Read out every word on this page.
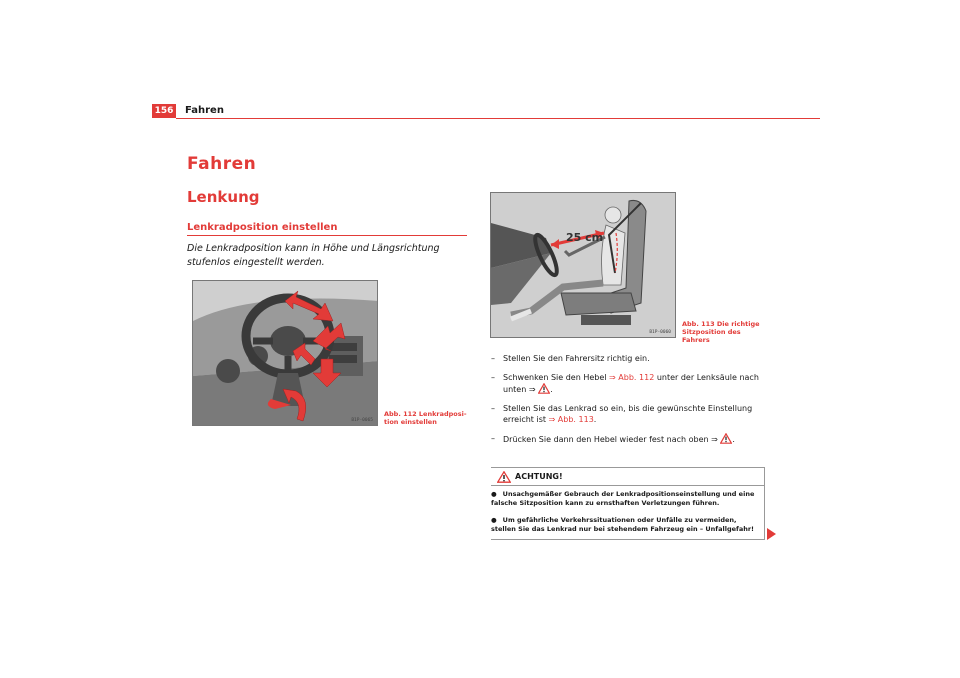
156 Fahren
Fahren
Lenkung
Lenkradposition einstellen
Die Lenkradposition kann in Höhe und Längsrichtung stufenlos eingestellt werden.
B1P-0065
Abb. 112 Lenkradposi-tion einstellen
25 cm
B1P-0060
Abb. 113 Die richtige Sitzposition des Fahrers
– Stellen Sie den Fahrersitz richtig ein.
– Schwenken Sie den Hebel ⇒ Abb. 112 unter der Lenksäule nach unten ⇒ .
– Stellen Sie das Lenkrad so ein, bis die gewünschte Einstellung erreicht ist ⇒ Abb. 113.
– Drücken Sie dann den Hebel wieder fest nach oben ⇒ .
ACHTUNG!
● Unsachgemäßer Gebrauch der Lenkradpositionseinstellung und eine falsche Sitzposition kann zu ernsthaften Verletzungen führen.
● Um gefährliche Verkehrssituationen oder Unfälle zu vermeiden, stellen Sie das Lenkrad nur bei stehendem Fahrzeug ein – Unfallgefahr!
